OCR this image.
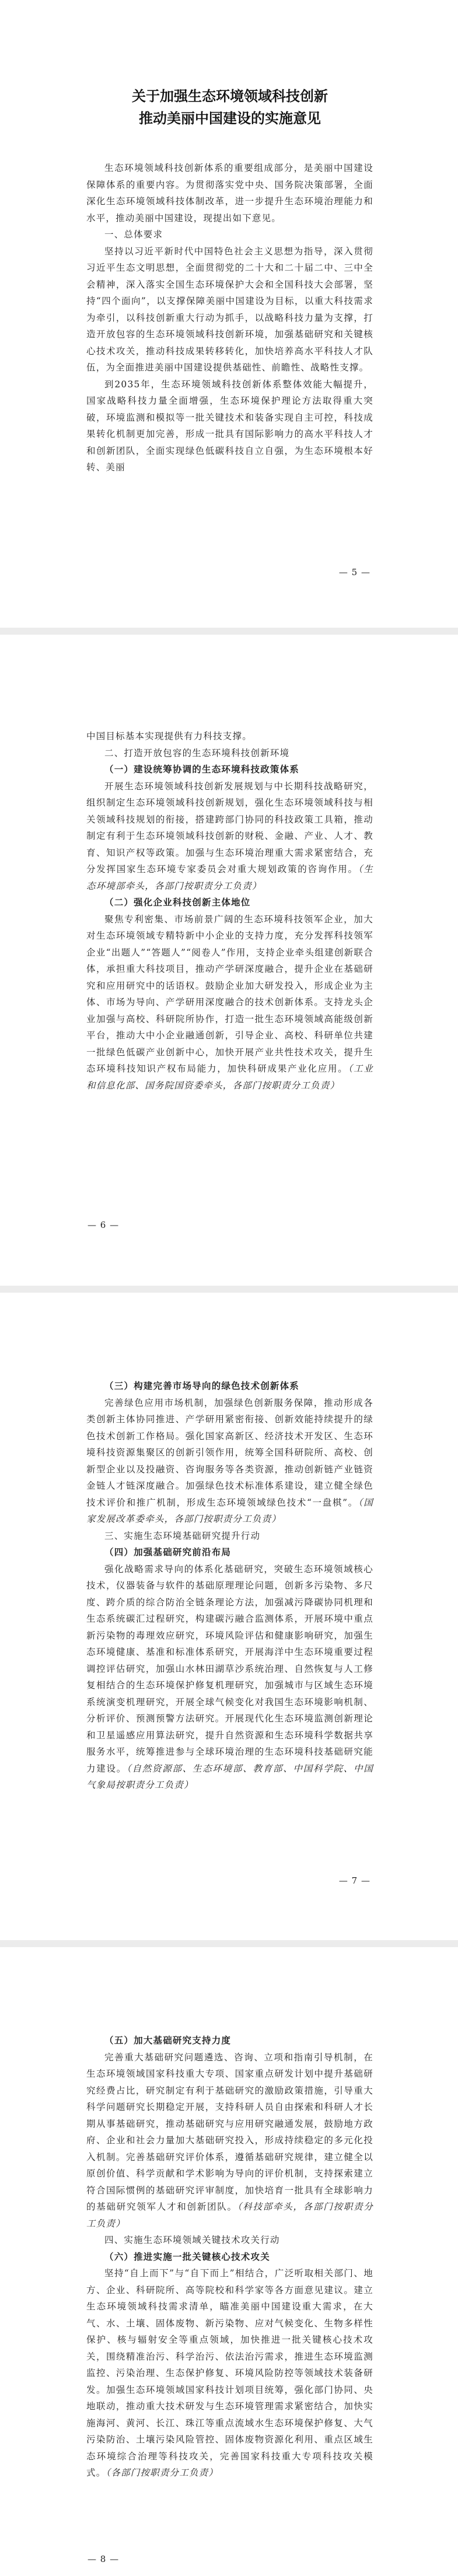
关于加强生态环境领域科技创新
推动美丽中国建设的实施意见

生态环境领域科技创新体系的重要组成部分，是美丽中国建设保障体系的重要内容。为贯彻落实党中央、国务院决策部署，全面深化生态环境领域科技体制改革，进一步提升生态环境治理能力和水平，推动美丽中国建设，现提出如下意见。

一、总体要求

坚持以习近平新时代中国特色社会主义思想为指导，深入贯彻习近平生态文明思想，全面贯彻党的二十大和二十届二中、三中全会精神，深入落实全国生态环境保护大会和全国科技大会部署，坚持“四个面向”，以支撑保障美丽中国建设为目标，以重大科技需求为牵引，以科技创新重大行动为抓手，以战略科技力量为支撑，打造开放包容的生态环境领域科技创新环境，加强基础研究和关键核心技术攻关，推动科技成果转移转化，加快培养高水平科技人才队伍，为全面推进美丽中国建设提供基础性、前瞻性、战略性支撑。

到2035年，生态环境领域科技创新体系整体效能大幅提升，国家战略科技力量全面增强，生态环境保护理论方法取得重大突破，环境监测和模拟等一批关键技术和装备实现自主可控，科技成果转化机制更加完善，形成一批具有国际影响力的高水平科技人才和创新团队，全面实现绿色低碳科技自立自强，为生态环境根本好转、美丽

— 5 —

中国目标基本实现提供有力科技支撑。

二、打造开放包容的生态环境科技创新环境
（一）建设统筹协调的生态环境科技政策体系

开展生态环境领域科技创新发展规划与中长期科技战略研究，组织制定生态环境领域科技创新规划，强化生态环境领域科技与相关领域科技规划的衔接，搭建跨部门协同的科技政策工具箱，推动制定有利于生态环境领域科技创新的财税、金融、产业、人才、教育、知识产权等政策。加强与生态环境治理重大需求紧密结合，充分发挥国家生态环境专家委员会对重大规划政策的咨询作用。（生态环境部牵头，各部门按职责分工负责）

（二）强化企业科技创新主体地位

聚焦专利密集、市场前景广阔的生态环境科技领军企业，加大对生态环境领域专精特新中小企业的支持力度，充分发挥科技领军企业“出题人”“答题人”“阅卷人”作用，支持企业牵头组建创新联合体，承担重大科技项目，推动产学研深度融合，提升企业在基础研究和应用研究中的话语权。鼓励企业加大研发投入，形成企业为主体、市场为导向、产学研用深度融合的技术创新体系。支持龙头企业加强与高校、科研院所协作，打造一批生态环境领域高能级创新平台，推动大中小企业融通创新，引导企业、高校、科研单位共建一批绿色低碳产业创新中心，加快开展产业共性技术攻关，提升生态环境科技知识产权布局能力，加快科研成果产业化应用。（工业和信息化部、国务院国资委牵头，各部门按职责分工负责）

— 6 —
（三）构建完善市场导向的绿色技术创新体系

完善绿色应用市场机制，加强绿色创新服务保障，推动形成各类创新主体协同推进、产学研用紧密衔接、创新效能持续提升的绿色技术创新工作格局。强化国家高新区、经济技术开发区、生态环境科技资源集聚区的创新引领作用，统筹全国科研院所、高校、创新型企业以及投融资、咨询服务等各类资源，推动创新链产业链资金链人才链深度融合。加强绿色技术标准体系建设，建立健全绿色技术评价和推广机制，形成生态环境领域绿色技术“一盘棋”。（国家发展改革委牵头，各部门按职责分工负责）

三、实施生态环境基础研究提升行动
（四）加强基础研究前沿布局

强化战略需求导向的体系化基础研究，突破生态环境领域核心技术，仪器装备与软件的基础原理理论问题，创新多污染物、多尺度、跨介质的综合防治全链条理论方法，加强减污降碳协同机理和生态系统碳汇过程研究，构建碳污融合监测体系，开展环境中重点新污染物的毒理效应研究，环境风险评估和健康影响研究，加强生态环境健康、基准和标准体系研究，开展海洋中生态环境重要过程调控评估研究，加强山水林田湖草沙系统治理、自然恢复与人工修复相结合的生态环境保护修复机理研究，加强城市与区域生态环境系统演变机理研究，开展全球气候变化对我国生态环境影响机制、分析评价、预测预警方法研究。开展现代化生态环境监测创新理论和卫星遥感应用算法研究，提升自然资源和生态环境科学数据共享服务水平，统筹推进参与全球环境治理的生态环境科技基础研究能力建设。（自然资源部、生态环境部、教育部、中国科学院、中国气象局按职责分工负责）

— 7 —
（五）加大基础研究支持力度

完善重大基础研究问题遴选、咨询、立项和指南引导机制，在生态环境领域国家科技重大专项、国家重点研发计划中提升基础研究经费占比，研究制定有利于基础研究的激励政策措施，引导重大科学问题研究长期稳定开展，支持科研人员自由探索和科研人才长期从事基础研究，推动基础研究与应用研究融通发展，鼓励地方政府、企业和社会力量加大基础研究投入，形成持续稳定的多元化投入机制。完善基础研究评价体系，遵循基础研究规律，建立健全以原创价值、科学贡献和学术影响为导向的评价机制，支持探索建立符合国际惯例的基础研究评审制度，加快培育一批具有全球影响力的基础研究领军人才和创新团队。（科技部牵头，各部门按职责分工负责）

四、实施生态环境领域关键技术攻关行动
（六）推进实施一批关键核心技术攻关

坚持“自上而下”与“自下而上”相结合，广泛听取相关部门、地方、企业、科研院所、高等院校和科学家等各方面意见建议。建立生态环境领域科技需求清单，瞄准美丽中国建设重大需求，在大气、水、土壤、固体废物、新污染物、应对气候变化、生物多样性保护、核与辐射安全等重点领域，加快推进一批关键核心技术攻关，围绕精准治污、科学治污、依法治污需求，推进生态环境监测监控、污染治理、生态保护修复、环境风险防控等领域技术装备研发。加强生态环境领域国家科技计划项目统筹，强化部门协同、央地联动，推动重大技术研发与生态环境管理需求紧密结合，加快实施海河、黄河、长江、珠江等重点流域水生态环境保护修复、大气污染防治、土壤污染风险管控、固体废物资源化利用、重点区域生态环境综合治理等科技攻关，完善国家科技重大专项科技攻关模式。（各部门按职责分工负责）

— 8 —
